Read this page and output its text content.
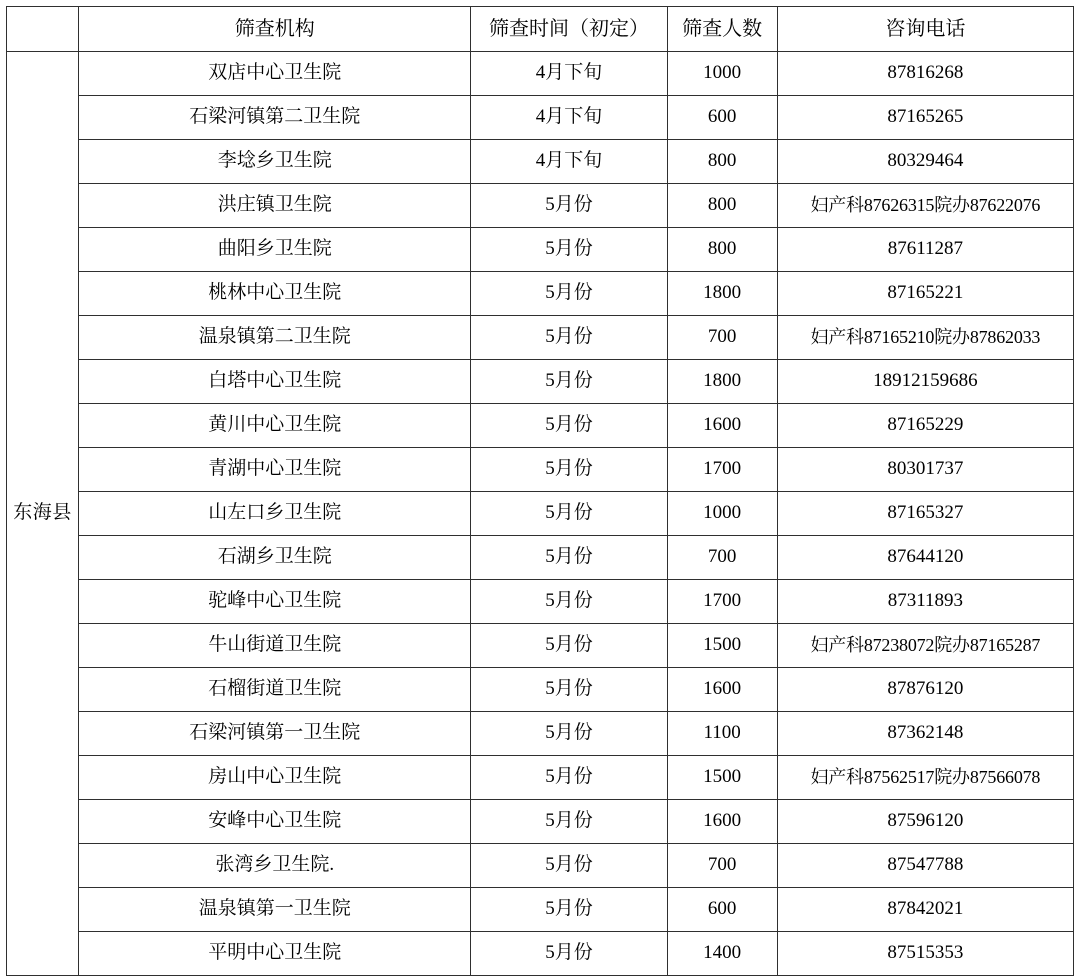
	筛查机构	筛查时间（初定）	筛查人数	咨询电话
东海县	双店中心卫生院	4月下旬	1000	87816268
	石梁河镇第二卫生院	4月下旬	600	87165265
	李埝乡卫生院	4月下旬	800	80329464
	洪庄镇卫生院	5月份	800	妇产科87626315院办87622076
	曲阳乡卫生院	5月份	800	87611287
	桃林中心卫生院	5月份	1800	87165221
	温泉镇第二卫生院	5月份	700	妇产科87165210院办87862033
	白塔中心卫生院	5月份	1800	18912159686
	黄川中心卫生院	5月份	1600	87165229
	青湖中心卫生院	5月份	1700	80301737
	山左口乡卫生院	5月份	1000	87165327
	石湖乡卫生院	5月份	700	87644120
	驼峰中心卫生院	5月份	1700	87311893
	牛山街道卫生院	5月份	1500	妇产科87238072院办87165287
	石榴街道卫生院	5月份	1600	87876120
	石梁河镇第一卫生院	5月份	1100	87362148
	房山中心卫生院	5月份	1500	妇产科87562517院办87566078
	安峰中心卫生院	5月份	1600	87596120
	张湾乡卫生院.	5月份	700	87547788
	温泉镇第一卫生院	5月份	600	87842021
	平明中心卫生院	5月份	1400	87515353
